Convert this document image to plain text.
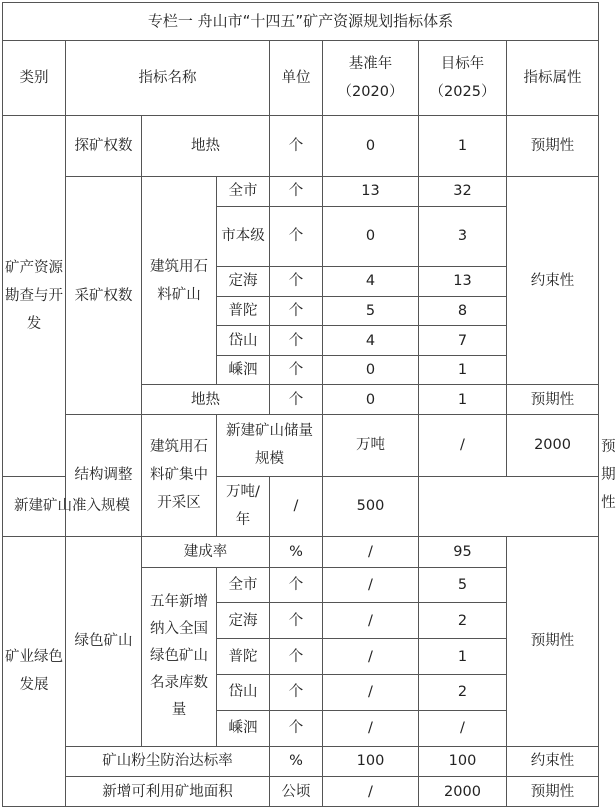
专栏一 舟山市“十四五”矿产资源规划指标体系								
类别	指标名称			单位	基准年（2020）	目标年（2025）	指标属性	
矿产资源勘查与开发	探矿权数	地热		个	0	1	预期性	
	采矿权数	建筑用石料矿山	全市	个	13	32	约束性	
			市本级	个	0	3		
			定海	个	4	13		
			普陀	个	5	8		
			岱山	个	4	7		
			嵊泗	个	0	1		
		地热		个	0	1	预期性	
	结构调整	建筑用石料矿集中开采区	新建矿山储量规模		万吨	/	2000	预期性
新建矿山准入规模			万吨/年	/	500			
矿业绿色发展	绿色矿山	建成率		%	/	95	预期性	
		五年新增纳入全国绿色矿山名录库数量	全市	个	/	5		
			定海	个	/	2		
			普陀	个	/	1		
			岱山	个	/	2		
			嵊泗	个	/	/		
	矿山粉尘防治达标率			%	100	100	约束性	
	新增可利用矿地面积			公顷	/	2000	预期性	
